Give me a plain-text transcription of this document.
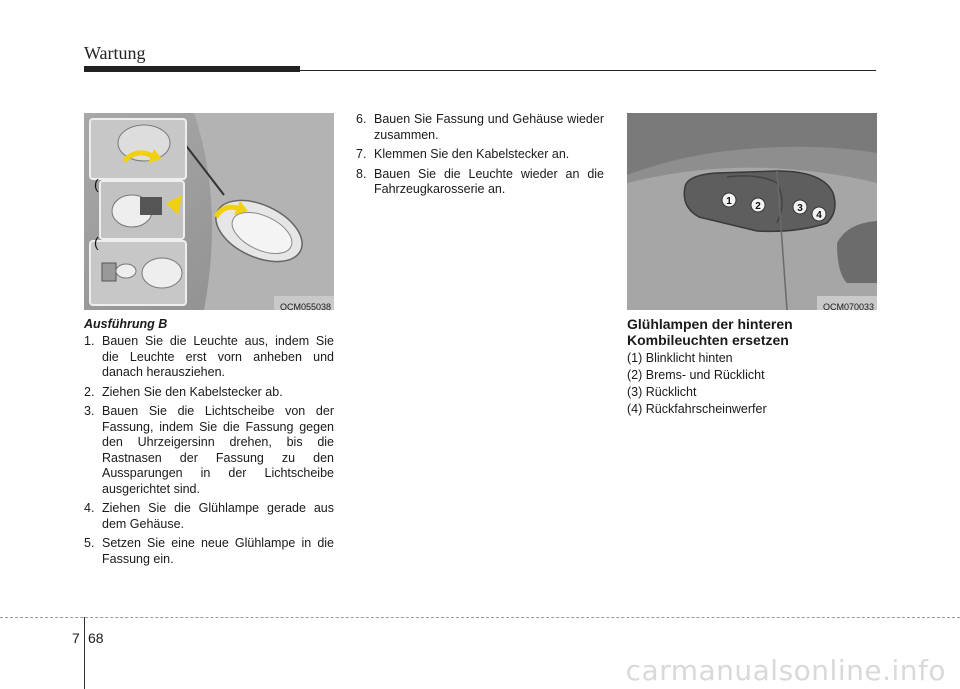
Wartung
(
(
OCM055038
Ausführung B
1. Bauen Sie die Leuchte aus, indem Sie die Leuchte erst vorn anheben und danach herausziehen.
2. Ziehen Sie den Kabelstecker ab.
3. Bauen Sie die Lichtscheibe von der Fassung, indem Sie die Fassung gegen den Uhrzeigersinn drehen, bis die Rastnasen der Fassung zu den Aussparungen in der Lichtscheibe ausgerichtet sind.
4. Ziehen Sie die Glühlampe gerade aus dem Gehäuse.
5. Setzen Sie eine neue Glühlampe in die Fassung ein.
6. Bauen Sie Fassung und Gehäuse wieder zusammen.
7. Klemmen Sie den Kabelstecker an.
8. Bauen Sie die Leuchte wieder an die Fahrzeugkarosserie an.
1 2	3
4
OCM070033
Glühlampen der hinteren
Kombileuchten ersetzen
(1) Blinklicht hinten
(2) Brems- und Rücklicht
(3) Rücklicht
(4) Rückfahrscheinwerfer
7 68
carmanualsonline.info
